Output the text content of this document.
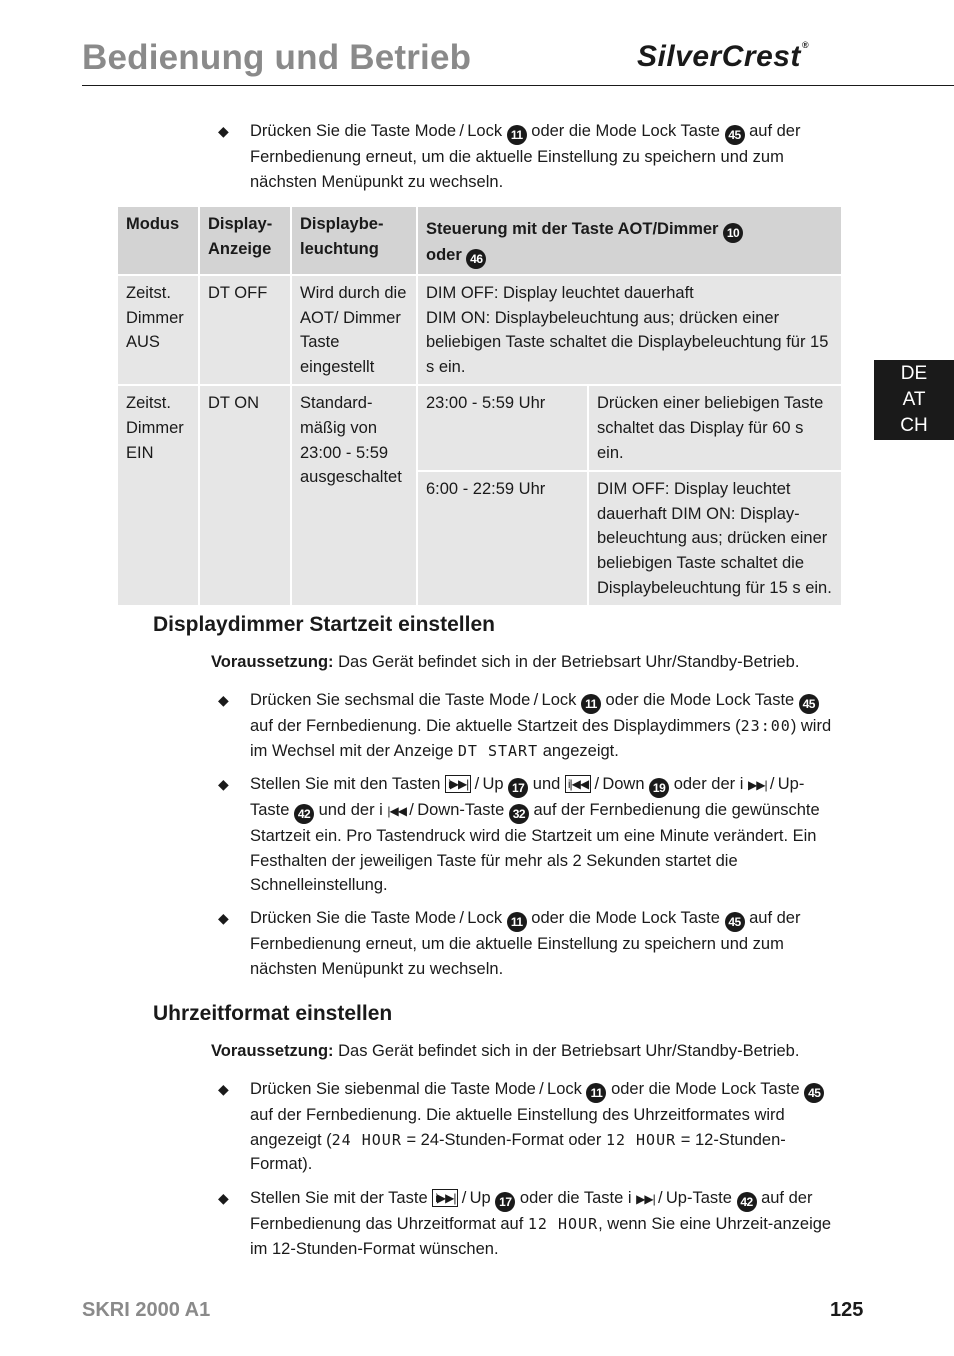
Bedienung und Betrieb	SilverCrest®
DE
AT
CH
◆ Drücken Sie die Taste Mode / Lock 11 oder die Mode Lock Taste 45 auf der Fernbedienung erneut, um die aktuelle Einstellung zu speichern und zum nächsten Menüpunkt zu wechseln.
Modus	Display-Anzeige	Displaybe-leuchtung	Steuerung mit der Taste AOT/Dimmer 10
oder 46	
Zeitst. Dimmer AUS	DT OFF	Wird durch die AOT/ Dimmer Taste eingestellt	DIM OFF: Display leuchtet dauerhaft
DIM ON: Displaybeleuchtung aus; drücken einer beliebigen Taste schaltet die Displaybeleuchtung für 15 s ein.	

Zeitst. Dimmer EIN	DT ON	Standard-mäßig von 23:00 - 5:59 ausgeschaltet	23:00 - 5:59 Uhr	Drücken einer beliebigen Taste schaltet das Display für 60 s ein.
			6:00 - 22:59 Uhr	DIM OFF: Display leuchtet dauerhaft DIM ON: Display-beleuchtung aus; drücken einer beliebigen Taste schaltet die Displaybeleuchtung für 15 s ein.
Displaydimmer Startzeit einstellen
Voraussetzung: Das Gerät befindet sich in der Betriebsart Uhr/Standby-Betrieb.
◆ Drücken Sie sechsmal die Taste Mode / Lock 11 oder die Mode Lock Taste 45 auf der Fernbedienung. Die aktuelle Startzeit des Displaydimmers (23:00) wird im Wechsel mit der Anzeige DT START angezeigt.
◆ Stellen Sie mit den Tasten i▶▶| / Up 17 und i|◀◀ / Down 19 oder der i ▶▶| / Up-Taste 42 und der i |◀◀ / Down-Taste 32 auf der Fernbedienung die gewünschte Startzeit ein. Pro Tastendruck wird die Startzeit um eine Minute verändert. Ein Festhalten der jeweiligen Taste für mehr als 2 Sekunden startet die Schnelleinstellung.
◆ Drücken Sie die Taste Mode / Lock 11 oder die Mode Lock Taste 45 auf der Fernbedienung erneut, um die aktuelle Einstellung zu speichern und zum nächsten Menüpunkt zu wechseln.
Uhrzeitformat einstellen
Voraussetzung: Das Gerät befindet sich in der Betriebsart Uhr/Standby-Betrieb.
◆ Drücken Sie siebenmal die Taste Mode / Lock 11 oder die Mode Lock Taste 45 auf der Fernbedienung. Die aktuelle Einstellung des Uhrzeitformates wird angezeigt (24 HOUR = 24-Stunden-Format oder 12 HOUR = 12-Stunden-Format).
◆ Stellen Sie mit der Taste i▶▶| / Up 17 oder die Taste i ▶▶| / Up-Taste 42 auf der Fernbedienung das Uhrzeitformat auf 12 HOUR, wenn Sie eine Uhrzeit-anzeige im 12-Stunden-Format wünschen.
SKRI 2000 A1	125
